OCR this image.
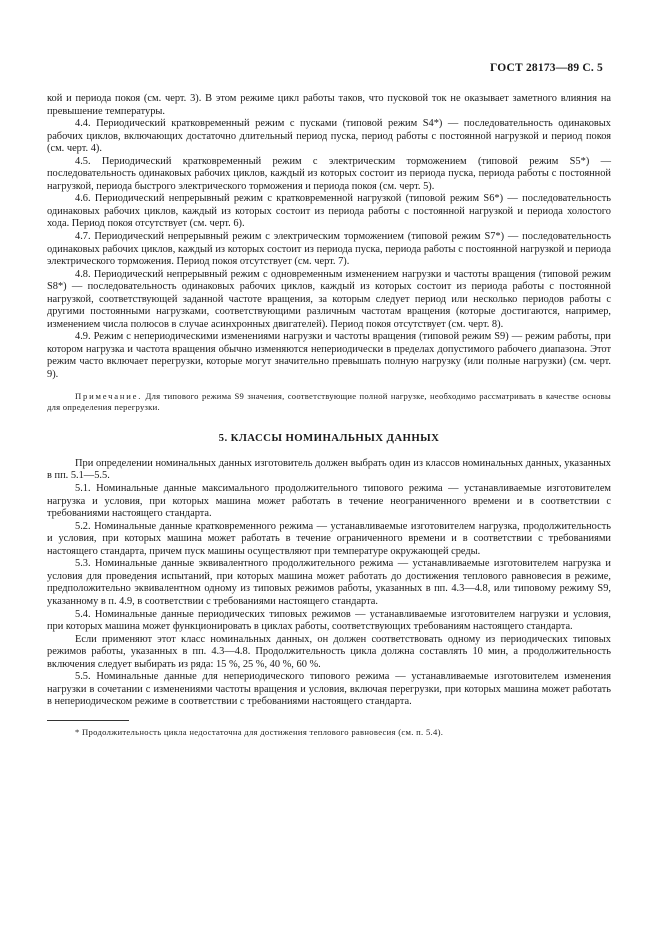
ГОСТ 28173—89 С. 5

кой и периода покоя (см. черт. 3). В этом режиме цикл работы таков, что пусковой ток не оказывает заметного влияния на превышение температуры.

4.4. Периодический кратковременный режим с пусками (типовой режим S4*) — последовательность одинаковых рабочих циклов, включающих достаточно длительный период пуска, период работы с постоянной нагрузкой и период покоя (см. черт. 4).

4.5. Периодический кратковременный режим с электрическим торможением (типовой режим S5*) — последовательность одинаковых рабочих циклов, каждый из которых состоит из периода пуска, периода работы с постоянной нагрузкой, периода быстрого электрического торможения и периода покоя (см. черт. 5).

4.6. Периодический непрерывный режим с кратковременной нагрузкой (типовой режим S6*) — последовательность одинаковых рабочих циклов, каждый из которых состоит из периода работы с постоянной нагрузкой и периода холостого хода. Период покоя отсутствует (см. черт. 6).

4.7. Периодический непрерывный режим с электрическим торможением (типовой режим S7*) — последовательность одинаковых рабочих циклов, каждый из которых состоит из периода пуска, периода работы с постоянной нагрузкой и периода электрического торможения. Период покоя отсутствует (см. черт. 7).

4.8. Периодический непрерывный режим с одновременным изменением нагрузки и частоты вращения (типовой режим S8*) — последовательность одинаковых рабочих циклов, каждый из которых состоит из периода работы с постоянной нагрузкой, соответствующей заданной частоте вращения, за которым следует период или несколько периодов работы с другими постоянными нагрузками, соответствующими различным частотам вращения (которые достигаются, например, изменением числа полюсов в случае асинхронных двигателей). Период покоя отсутствует (см. черт. 8).

4.9. Режим с непериодическими изменениями нагрузки и частоты вращения (типовой режим S9) — режим работы, при котором нагрузка и частота вращения обычно изменяются непериодически в пределах допустимого рабочего диапазона. Этот режим часто включает перегрузки, которые могут значительно превышать полную нагрузку (или полные нагрузки) (см. черт. 9).

Примечание. Для типового режима S9 значения, соответствующие полной нагрузке, необходимо рассматривать в качестве основы для определения перегрузки.

5. КЛАССЫ НОМИНАЛЬНЫХ ДАННЫХ

При определении номинальных данных изготовитель должен выбрать один из классов номинальных данных, указанных в пп. 5.1—5.5.

5.1. Номинальные данные максимального продолжительного типового режима — устанавливаемые изготовителем нагрузка и условия, при которых машина может работать в течение неограниченного времени и в соответствии с требованиями настоящего стандарта.

5.2. Номинальные данные кратковременного режима — устанавливаемые изготовителем нагрузка, продолжительность и условия, при которых машина может работать в течение ограниченного времени и в соответствии с требованиями настоящего стандарта, причем пуск машины осуществляют при температуре окружающей среды.

5.3. Номинальные данные эквивалентного продолжительного режима — устанавливаемые изготовителем нагрузка и условия для проведения испытаний, при которых машина может работать до достижения теплового равновесия в режиме, предположительно эквивалентном одному из типовых режимов работы, указанных в пп. 4.3—4.8, или типовому режиму S9, указанному в п. 4.9, в соответствии с требованиями настоящего стандарта.

5.4. Номинальные данные периодических типовых режимов — устанавливаемые изготовителем нагрузки и условия, при которых машина может функционировать в циклах работы, соответствующих требованиям настоящего стандарта.

Если применяют этот класс номинальных данных, он должен соответствовать одному из периодических типовых режимов работы, указанных в пп. 4.3—4.8. Продолжительность цикла должна составлять 10 мин, а продолжительность включения следует выбирать из ряда: 15 %, 25 %, 40 %, 60 %.

5.5. Номинальные данные для непериодического типового режима — устанавливаемые изготовителем изменения нагрузки в сочетании с изменениями частоты вращения и условия, включая перегрузки, при которых машина может работать в непериодическом режиме в соответствии с требованиями настоящего стандарта.

* Продолжительность цикла недостаточна для достижения теплового равновесия (см. п. 5.4).
